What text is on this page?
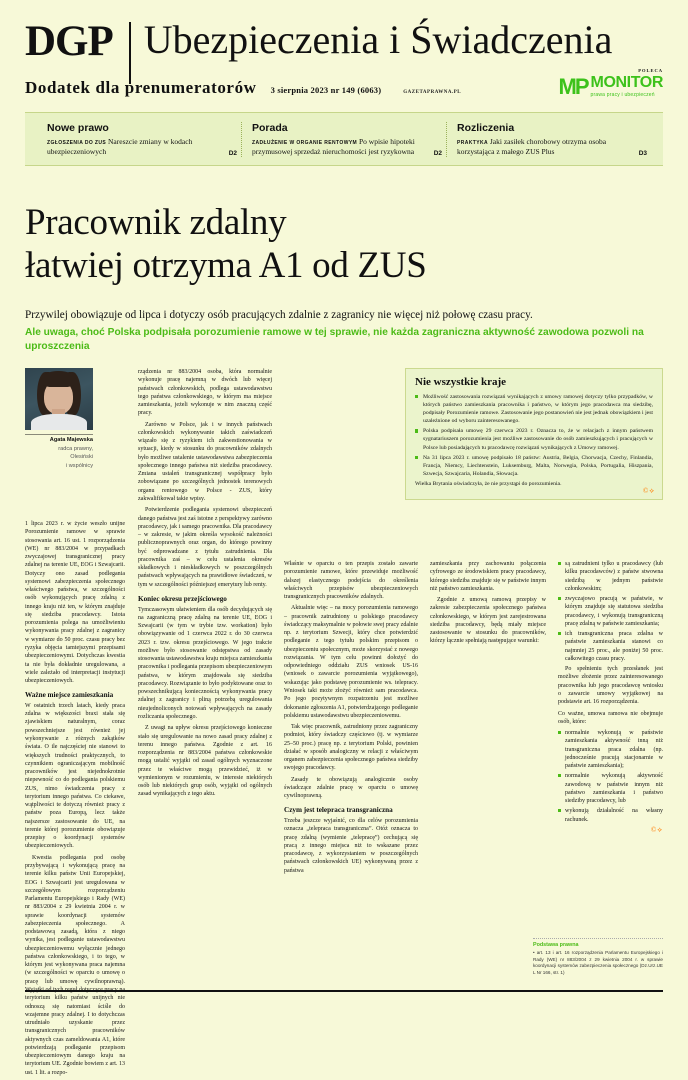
DGP Ubezpieczenia i Świadczenia
Dodatek dla prenumeratorów 3 sierpnia 2023 nr 149 (6063)	GAZETAPRAWNA.PL
POLECA
MP MONITOR
prawa pracy i ubezpieczeń
Nowe prawo
ZGŁOSZENIA DO ZUS Nareszcie zmiany w kodach ubezpieczeniowych	D2
Porada
ZADŁUŻENIE W ORGANIE RENTOWYM Po wpisie hipoteki przymusowej sprzedaż nieruchomości jest ryzykowna	D2
Rozliczenia
PRAKTYKA Jaki zasiłek chorobowy otrzyma osoba korzystająca z małego ZUS Plus	D3
Pracownik zdalny
łatwiej otrzyma A1 od ZUS
Przywilej obowiązuje od lipca i dotyczy osób pracujących zdalnie z zagranicy nie więcej niż połowę czasu pracy.
Ale uwaga, choć Polska podpisała porozumienie ramowe w tej sprawie, nie każda zagraniczna aktywność zawodowa pozwoli na uproszczenia
Agata Majewska
radca prawny,
Olesiński
i wspólnicy

1 lipca 2023 r. w życie weszło unijne Porozumienie ramowe w sprawie stosowania art. 16 ust. 1 rozporządzenia (WE) nr 883/2004 w przypadkach zwyczajowej transgranicznej pracy zdalnej na terenie UE, EOG i Szwajcarii. Dotyczy ono zasad podlegania systemowi zabezpieczenia społecznego właściwego państwa, w szczególności osób wykonujących pracę zdalną z innego kraju niż ten, w którym znajduje się siedziba pracodawcy. Istota porozumienia polega na umożliwieniu wykonywania pracy zdalnej z zagranicy w wymiarze do 50 proc. czasu pracy bez ryzyka objęcia tamtejszymi przepisami ubezpieczeniowymi. Dotychczas kwestia ta nie była dokładnie uregulowana, a wiele zależało od interpretacji instytucji ubezpieczeniowych.

Ważne miejsce zamieszkania

W ostatnich trzech latach, kiedy praca zdalna w większości braxi stała się zjawiskiem naturalnym, coraz powszechniejsze jest również jej wykonywanie z różnych zakątków świata. O ile najczęściej nie stanowi to większych trudności praktycznych, to czynnikiem ograniczającym mobilność pracowników jest niejednokrotnie niepewność co do podlegania polskiemu ZUS, nimo świadczenia pracy z terytorium innego państwa. Co ciekawe, wątpliwości te dotyczą również pracy z państw poza Europą, lecz także najszersze zastosowanie do UE, na terenie której porozumienie obowiązuje przepisy o koordynacji systemów ubezpieczeniowych.

Kwestia podlegania pod osobę przybywającą i wykonującą pracę na terenie kilku państw Unii Europejskiej, EOG i Szwajcarii jest uregulowana w szczegółowym rozporządzeniu Parlamentu Europejskiego i Rady (WE) nr 883/2004 z 29 kwietnia 2004 r. w sprawie koordynacji systemów zabezpieczenia społecznego. A podstawową zasadą, która z niego wynika, jest podleganie ustawodawstwu ubezpieczeniowemu wyłącznie jednego państwa członkowskiego, i to tego, w którym jest wykonywana praca najemna (w szczególności w oparciu o umowę o pracę lub umowę cywilnoprawną). Wyjątki od tych reguł dotyczące pracy na terytorium kilku państw unijnych nie odnoszą się natomiast ściśle do wzajemne pracy zdalnej. I to dotychczas utrudniało uzyskanie przez transgranicznych pracowników aktywnych czas zameldowania A1, które potwierdzają podleganie przepisom ubezpieczeniowym danego kraju na terytorium UE. Zgodnie bowiem z art. 13 ust. 1 lit. a rozpo-

rządzenia nr 883/2004 osoba, która normalnie wykonuje pracę najemną w dwóch lub więcej państwach członkowskich, podlega ustawodawstwu tego państwa członkowskiego, w którym ma miejsce zamieszkania, jeżeli wykonuje w nim znaczną część pracy.

Zarówno w Polsce, jak i w innych państwach członkowskich wykonywanie takich zaświadczeń wiązało się z ryzykiem ich zakwestionowania w sytuacji, kiedy w stosunku do pracowników zdalnych było możliwe ustalenie ustawodawstwa zabezpieczenia społecznego innego państwa niż siedziba pracodawcy. Zmiana ustaleń transgranicznej współpracy było zobowiązane po szczególnych jednostek terenowych organu rentowego w Polsce - ZUS, który zakwalifikował takie wpisy.

Potwierdzenie podlegania systemowi ubezpieczeń danego państwa jest zaś istotne z perspektywy zarówno pracodawcy, jak i samego pracownika. Dla pracodawcy – w zakresie, w jakim określa wysokość należności publicznoprawnych oraz organ, do którego powinny być odprowadzane z tytułu zatrudnienia. Dla pracownika zaś – w celu ustalenia okresów składkowych i nieskładkowych w poszczególnych państwach wpływających na prawidłowe świadczeń, w tym w szczególności późniejszej emerytury lub renty.

Koniec okresu przejściowego

Tymczasowym ułatwieniem dla osób decydujących się na zagraniczną pracę zdalną na terenie UE, EOG i Szwajcarii (w tym w trybie tzw. workation) było obowiązywanie od 1 czerwca 2022 r. do 30 czerwca 2023 r. tzw. okresu przejściowego. W jego trakcie możliwe było stosowanie odstępstwa od zasady stosowania ustawodawstwa kraju miejsca zamieszkania pracownika i podlegania przepisom ubezpieczeniowym państwa, w którym znajdowała się siedziba pracodawcy. Rozwiązanie to było podyktowane oraz to powszechnikującą koniecznością wykonywania pracy zdalnej z zagranicy i pliną potrzebą uregulowania nieujednoliconych notowań wpływających na zasady rozliczania społecznego.

Z uwagi na upływ okresu przejściowego konieczne stało się uregulowanie na nowo zasad pracy zdalnej z terenu innego państwa. Zgodnie z art. 16 rozporządzenia nr 883/2004 państwa członkowskie mogą ustalić wyjątki od zasad ogólnych wyznaczone przez te właściwe mogą przewidzieć, iż w wymienionym w rozumieniu, w interesie niektórych osób lub niektórych grup osób, wyjątki od ogólnych zasad wynikających z tego aktu.

Właśnie w oparciu o ten przepis zostało zawarte porozumienie ramowe, które przewiduje możliwość dalszej elastycznego podejścia do określenia właściwych przepisów ubezpieczeniowych transgranicznych pracowników zdalnych.

Aktualnie więc – na mocy porozumienia ramowego – pracownik zatrudniony u polskiego pracodawcy świadczący maksymalnie w połowie swej pracy zdalnie np. z terytorium Szwecji, który chce potwierdzić podleganie z tego tytułu polskim przepisom o ubezpieczeniu społecznym, może skorzystać z nowego rozwiązania. W tym celu powinni dołożyć do odpowiedniego oddziału ZUS wniosek US-16 (wniosek o zawarcie porozumienia wyjątkowego), wskazując jako podstawę porozumienie ws. telepracy. Wniosek taki może złożyć również sam pracodawca. Po jego pozytywnym rozpatrzeniu jest możliwe dokonanie zgłoszenia A1, potwierdzającego podleganie polskiemu ustawodawstwu ubezpieczeniowemu.

Tak więc pracownik, zatrudniony przez zagraniczny podmiot, który świadczy częściowo (tj. w wymiarze 25–50 proc.) pracę np. z terytorium Polski, powinien działać w sposób analogiczny w relacji z właściwym organem zabezpieczenia społecznego państwa siedziby swojego pracodawcy.

Zasady te obowiązują analogicznie osoby świadczące zdalnie pracę w oparciu o umowę cywilnoprawną.

Czym jest telepraca transgraniczna

Trzeba jeszcze wyjaśnić, co dla celów porozumienia oznacza „telepraca transgraniczna”. Otóż oznacza to pracę zdalną (wymienie „telepracę”) cechującą się pracą z innego miejsca niż to wskazane przez pracodawcę, z wykorzystaniem w poszczególnych państwach członkowskich UE) wykonywaną przez z państwa

zamieszkania przy zachowaniu połączenia cyfrowego ze środowiskiem pracy pracodawcy, którego siedziba znajduje się w państwie innym niż państwo zamieszkania.

Zgodnie z umową ramową przepisy w zakresie zabezpieczenia społecznego państwa członkowskiego, w którym jest zarejestrowana siedziba pracodawcy, będą miały miejsce zastosowanie w stosunku do pracowników, którzy łącznie spełniają następujące warunki:

są zatrudnieni tylko u pracodawcy (lub kilku pracodawców) z państw stwowna siedzibą w jednym państwie członkowskim;
zwyczajowo pracują w państwie, w którym znajduje się statutowa siedziba pracodawcy, i wykonują transgraniczną pracę zdalną w państwie zamieszkania;
ich transgraniczna praca zdalna w państwie zamieszkania stanowi co najmniej 25 proc., ale poniżej 50 proc. całkowitego czasu pracy.

Po spełnieniu tych przesłanek jest możliwe złożenie przez zainteresowanego pracownika lub jego pracodawcę wniosku o zawarcie umowy wyjątkowej na podstawie art. 16 rozporządzenia.

Co ważne, umowa ramowa nie obejmuje osób, które:

normalnie wykonują w państwie zamieszkania aktywność inną niż transgraniczna praca zdalna (np. jednocześnie pracują stacjonarnie w państwie zamieszkania);
normalnie wykonują aktywność zawodową w państwie innym niż państwo zamieszkania i państwo siedziby pracodawcy, lub
wykonują działalność na własny rachunek.
©⟡
Nie wszystkie kraje
Możliwość zastosowania rozwiązań wynikających z umowy ramowej dotyczy tylko przypadków, w których państwo zamieszkania pracownika i państwo, w którym jego pracodawca ma siedzibę, podpisały Porozumienie ramowe. Zastosowanie jego postanowień nie jest jednak obowiązkiem i jest uzależnione od wyboru zainteresowanego.
Polska podpisała umowę 29 czerwca 2023 r. Oznacza to, że w relacjach z innym państwem sygnatariuszem porozumienia jest możliwe zastosowanie do osób zamieszkujących i pracujących w Polsce lub posiadających tu pracodawcę rozwiązań wynikających z Umowy ramowej.
Na 31 lipca 2023 r. umowę podpisało 18 państw: Austria, Belgia, Chorwacja, Czechy, Finlandia, Francja, Niemcy, Liechtenstein, Luksemburg, Malta, Norwegia, Polska, Portugalia, Hiszpania, Szwecja, Szwajcaria, Holandia, Słowacja.
Wielka Brytania oświadczyła, że nie przystąpi do porozumienia.
©⟡
Podstawa prawna
• art. 13 i art. 16 rozporządzenia Parlamentu Europejskiego i Rady (WE) nr 883/2004 z 29 kwietnia 2004 r. w sprawie koordynacji systemów zabezpieczenia społecznego (Dz.Urz.UE L Nr 166, str. 1)
